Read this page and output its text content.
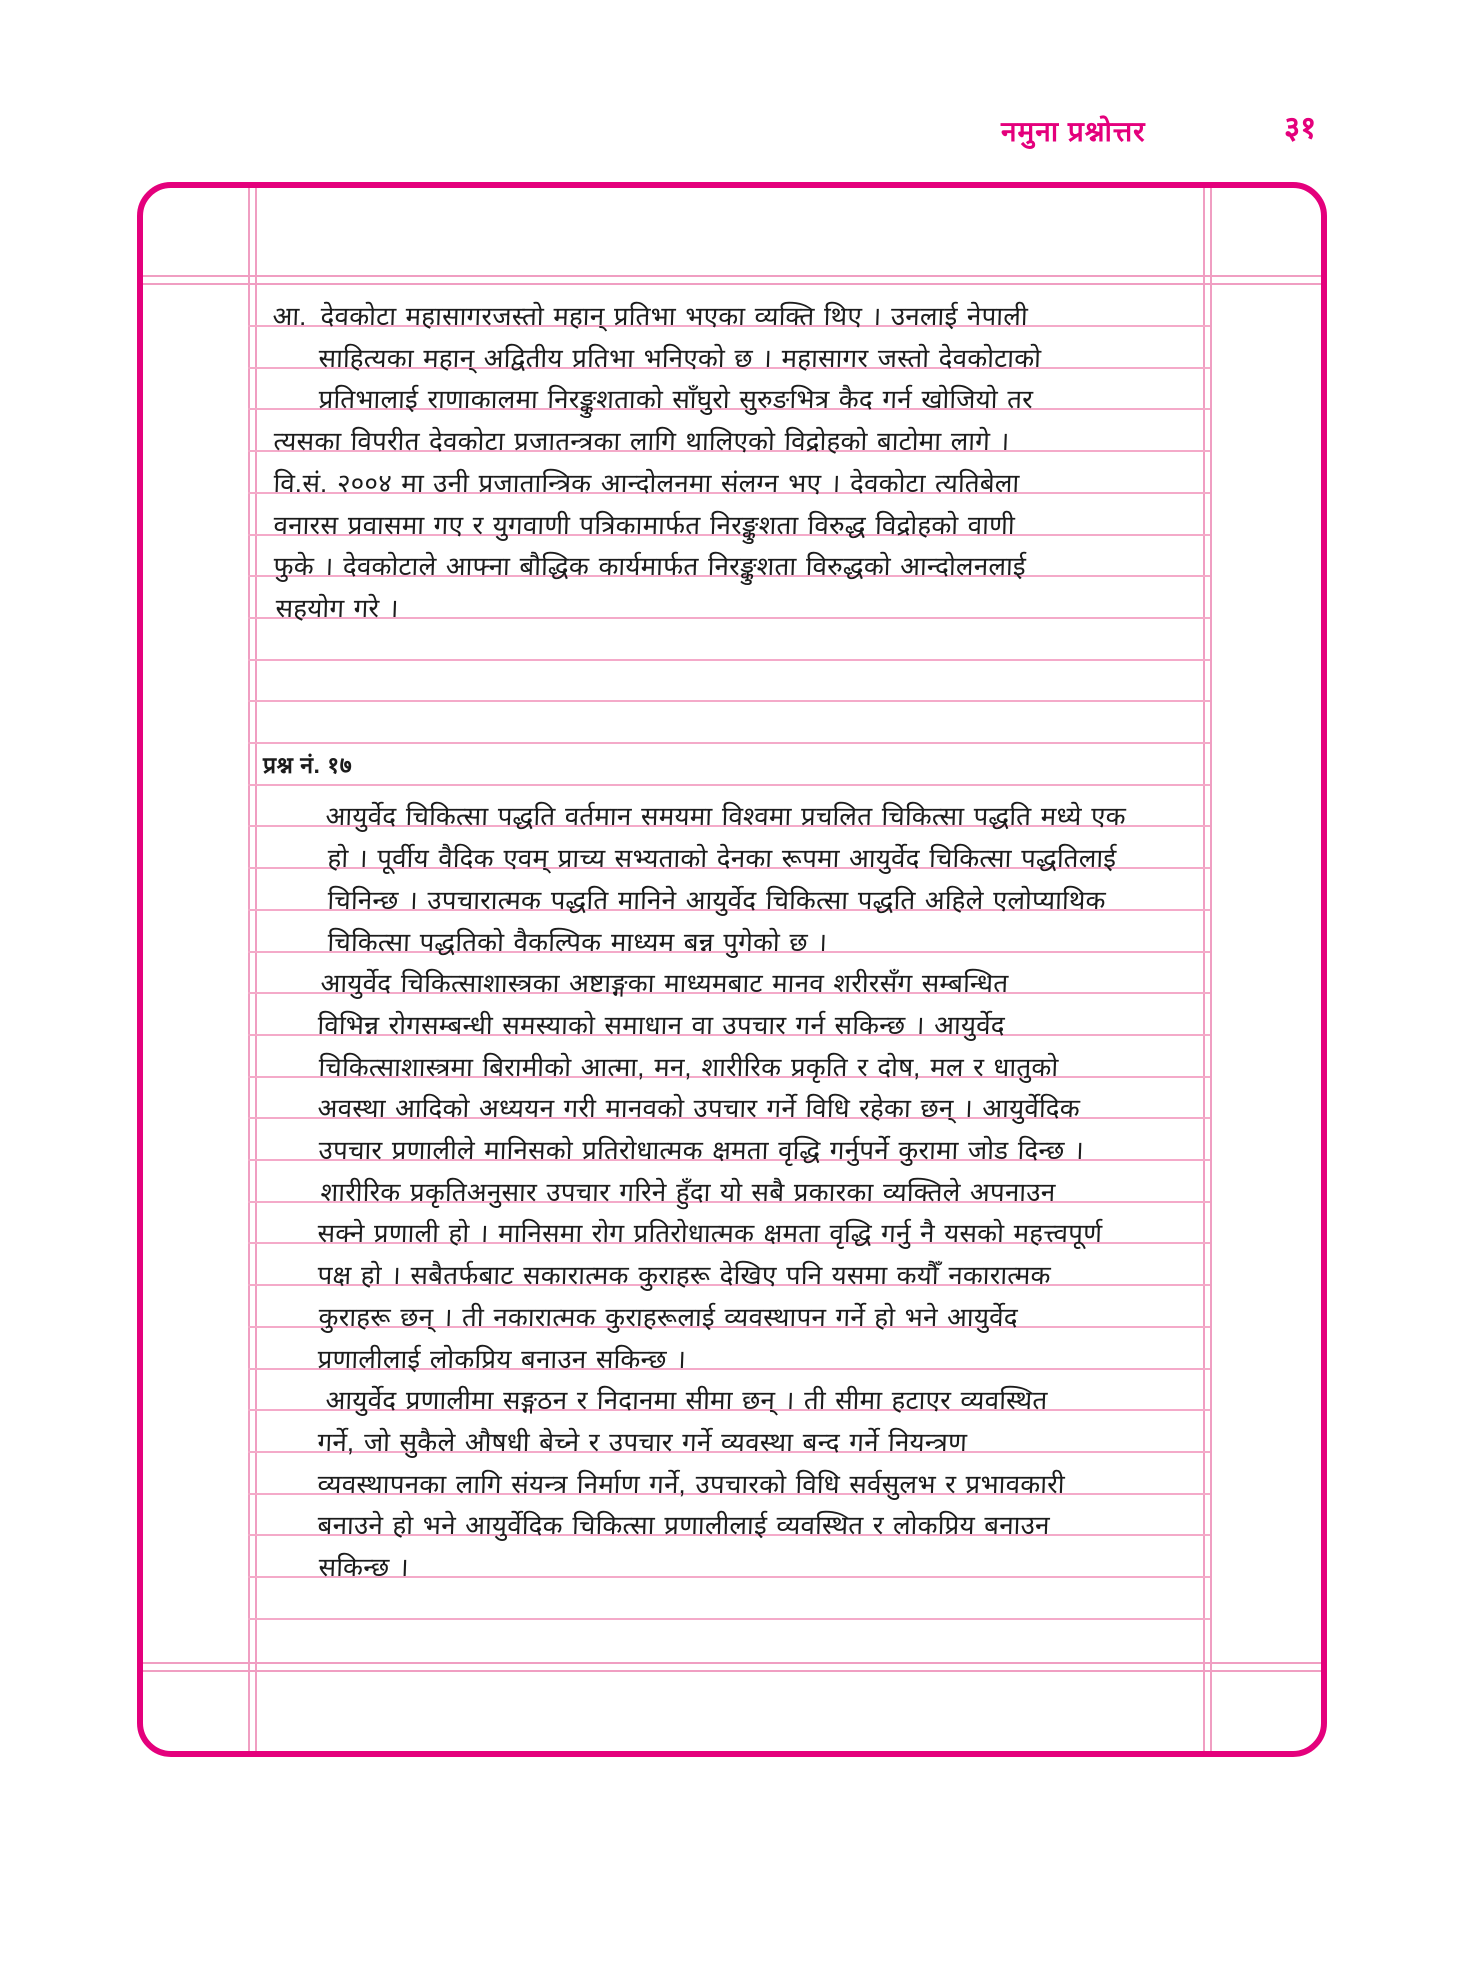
नमुना प्रश्नोत्तर	३१
आ. देवकोटा महासागरजस्तो महान् प्रतिभा भएका व्यक्ति थिए । उनलाई नेपाली
साहित्यका महान् अद्वितीय प्रतिभा भनिएको छ । महासागर जस्तो देवकोटाको
प्रतिभालाई राणाकालमा निरङ्कुशताको साँघुरो सुरुङभित्र कैद गर्न खोजियो तर
त्यसका विपरीत देवकोटा प्रजातन्त्रका लागि थालिएको विद्रोहको बाटोमा लागे ।
वि.सं. २००४ मा उनी प्रजातान्त्रिक आन्दोलनमा संलग्न भए । देवकोटा त्यतिबेला
वनारस प्रवासमा गए र युगवाणी पत्रिकामार्फत निरङ्कुशता विरुद्ध विद्रोहको वाणी
फुके । देवकोटाले आफ्ना बौद्धिक कार्यमार्फत निरङ्कुशता विरुद्धको आन्दोलनलाई
सहयोग गरे ।
प्रश्न नं. १७
आयुर्वेद चिकित्सा पद्धति वर्तमान समयमा विश्वमा प्रचलित चिकित्सा पद्धति मध्ये एक
हो । पूर्वीय वैदिक एवम् प्राच्य सभ्यताको देनका रूपमा आयुर्वेद चिकित्सा पद्धतिलाई
चिनिन्छ । उपचारात्मक पद्धति मानिने आयुर्वेद चिकित्सा पद्धति अहिले एलोप्याथिक
चिकित्सा पद्धतिको वैकल्पिक माध्यम बन्न पुगेको छ ।
आयुर्वेद चिकित्साशास्त्रका अष्टाङ्गका माध्यमबाट मानव शरीरसँग सम्बन्धित
विभिन्न रोगसम्बन्धी समस्याको समाधान वा उपचार गर्न सकिन्छ । आयुर्वेद
चिकित्साशास्त्रमा बिरामीको आत्मा, मन, शारीरिक प्रकृति र दोष, मल र धातुको
अवस्था आदिको अध्ययन गरी मानवको उपचार गर्ने विधि रहेका छन् । आयुर्वेदिक
उपचार प्रणालीले मानिसको प्रतिरोधात्मक क्षमता वृद्धि गर्नुपर्ने कुरामा जोड दिन्छ ।
शारीरिक प्रकृतिअनुसार उपचार गरिने हुँदा यो सबै प्रकारका व्यक्तिले अपनाउन
सक्ने प्रणाली हो । मानिसमा रोग प्रतिरोधात्मक क्षमता वृद्धि गर्नु नै यसको महत्त्वपूर्ण
पक्ष हो । सबैतर्फबाट सकारात्मक कुराहरू देखिए पनि यसमा कयौँ नकारात्मक
कुराहरू छन् । ती नकारात्मक कुराहरूलाई व्यवस्थापन गर्ने हो भने आयुर्वेद
प्रणालीलाई लोकप्रिय बनाउन सकिन्छ ।
आयुर्वेद प्रणालीमा सङ्गठन र निदानमा सीमा छन् । ती सीमा हटाएर व्यवस्थित
गर्ने, जो सुकैले औषधी बेच्ने र उपचार गर्ने व्यवस्था बन्द गर्ने नियन्त्रण
व्यवस्थापनका लागि संयन्त्र निर्माण गर्ने, उपचारको विधि सर्वसुलभ र प्रभावकारी
बनाउने हो भने आयुर्वेदिक चिकित्सा प्रणालीलाई व्यवस्थित र लोकप्रिय बनाउन
सकिन्छ ।
